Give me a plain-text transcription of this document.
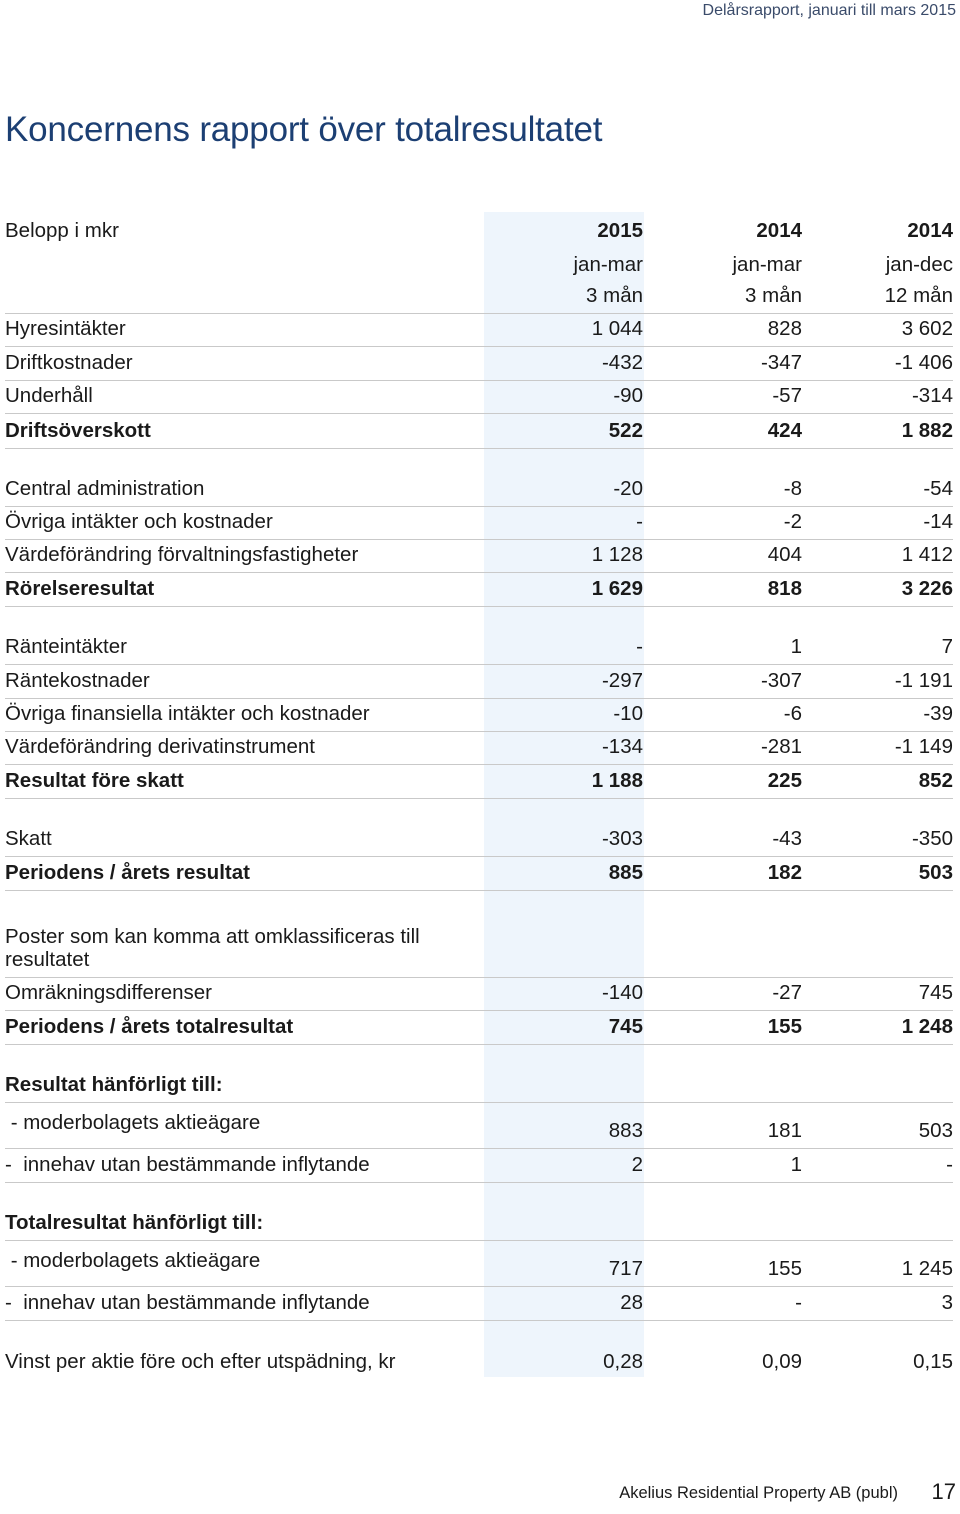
Delårsrapport, januari till mars 2015
Koncernens rapport över totalresultatet
Belopp i mkr	2015	2014	2014
jan-mar	jan-mar	jan-dec
3 mån	3 mån	12 mån
Hyresintäkter	1 044	828	3 602
Driftkostnader	-432	-347	-1 406
Underhåll	-90	-57	-314
Driftsöverskott	522	424	1 882
Central administration	-20	-8	-54
Övriga intäkter och kostnader	-	-2	-14
Värdeförändring förvaltningsfastigheter	1 128	404	1 412
Rörelseresultat	1 629	818	3 226
Ränteintäkter	-	1	7
Räntekostnader	-297	-307	-1 191
Övriga finansiella intäkter och kostnader	-10	-6	-39
Värdeförändring derivatinstrument	-134	-281	-1 149
Resultat före skatt	1 188	225	852
Skatt	-303	-43	-350
Periodens / årets resultat	885	182	503
Poster som kan komma att omklassificeras till resultatet
Omräkningsdifferenser	-140	-27	745
Periodens / årets totalresultat	745	155	1 248
Resultat hänförligt till:
- moderbolagets aktieägare	883	181	503
-  innehav utan bestämmande inflytande	2	1	-
Totalresultat hänförligt till:
- moderbolagets aktieägare	717	155	1 245
-  innehav utan bestämmande inflytande	28	-	3
Vinst per aktie före och efter utspädning, kr	0,28	0,09	0,15
Akelius Residential Property AB (publ) 17
